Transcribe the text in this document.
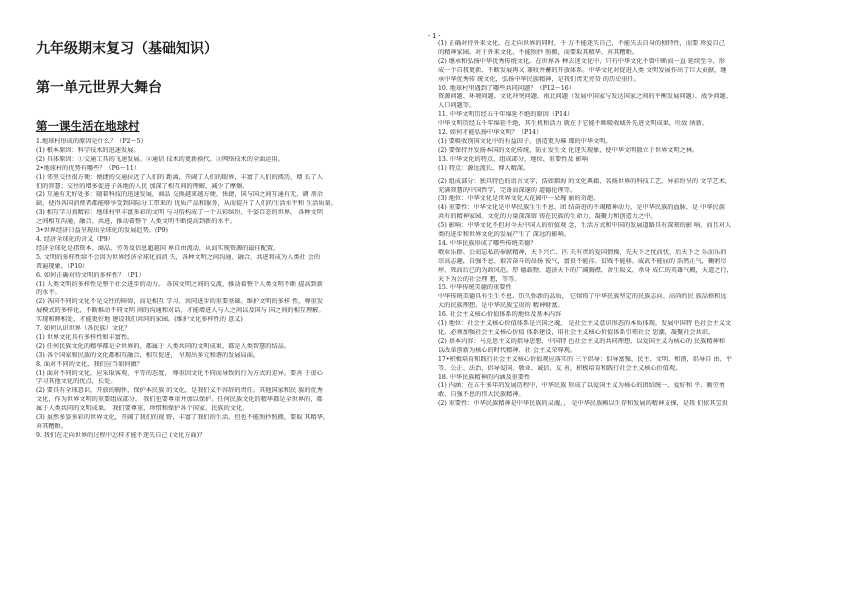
- 1 -
九年级期末复习（基础知识）
第一单元世界大舞台
第一课生活在地球村
1.地球村形成的原因是什么？（P2～5）
(1) 根本原因：科学技术的迅速发展。
(2) 具体原因：①交通工具的飞速发展。②通信 技术的更新换代。③网络技术的全面运用。
2•地球村的优势有哪些？（P6～11）
(1) 邻里交往很方便：便捷的交通拉近了人们的 距离，开阔了人们的眼界，丰富了人们的阅历，增 长了人
们的智慧；交往的增多促进子各地的人民 加深了相互间的理解，减少了摩擦。
(2) 互通有无好处多：随着科技的迅速发展，商品 交换越来越方便、快捷，国与国之间互通有无，调 剂余
缺，使得各国消费者都能够享受到国际分工带来的 优质产品和服务，从而提升了人们的生活水平和 生活质量。
(3) 相互学习真精彩：地球村里丰富多彩的文明 与习俗构成了一个五彩缤纷、千姿百态的世界， 各种文明
之间相互沟通、融合、共进，推动着整个 人类文明不断提高到新的水平。
3•世界经济日益呈现出全球化的发展趋势。(P9)
4. 经济全球化的含义（P9）
经济全球化是指资本、商品、劳务及信息超越国 界自由流动，从而实现资源的最佳配置。
5. 文明的多样性给不会因为世界经济全球化而消 失，各种文明之间沟通、融合，共进将成为人类社 会的
普遍现象。（P10）
6. 如何正确对待文明的多样性？（P1）
(1) 人类文明的多样性是整个社会进步的动力。 各国文明之间的交流，推动着整个人类文明不断 提高到新
的水平。
(2) 各国不同的文化不是交往的障碍，而是相互 学习、共同进步的重要基础。维护文明的多样 性，尊重发
展模式的多样化，不断推动不同文明 间的沟通和对话，才能增进人与人之间以及国与 国之间的相互理解。
实现和睦相处，才能更好地 建设我们共同的家园。(维护文化多样性的 意义)
7. 如何认识世界（各民族）文化？
(1) 世界文化具有多样性和丰富性。
(2) 任何民族文化的精华都是全世界的、都属于 人类共同的文明成果，都是人类智慧的结晶。
(3) 各个国家和民族的文化都相互融合，相互促进， 呈现出多元和谐的发展局面。
8. 面对不同的文化，我们应当如何做？
(1) 面对不同的文化，应采取客观、平等的态度， 尊重因文化不同而导致的行为方式的差异。要善 于虚心
学习其他文化的优点，长处。
(2) 要具有全球意识，开放的胸怀，保护本民族 的文化，是我们义不容辞的责任。其他国家和民 族的优秀
文化，作为世界文明的重要组成部分， 我们也要尊重并加以保护。任何民族文化的精华都是全世界的，都
属于人类共同的文明成果。 我们要尊重、珍惜和保护各个国家、民族的文化。
(3) 虽然多姿多彩的世界文化，开阔了我们的视 野，丰富了我们的生活，但也不能照抄照搬，要取 其精华，
弃其糟粕。
9. 我们在走向世界的过程中怎样才能不迷失自己 (文化方面)？
(1) 正确对待外来文化。在走向世界的同时，千 万不能迷失自己，不能失去自身的独特性，而要 珍爱自己
的精神家园。对于外来文化，不能照抄 照搬，而要取其精华，弃其糟粕。
(2) 继承和弘扬中华优秀传统文化。在世界各 种去迷文化中，只有中华文化不曾中断而一直 延续至今，形
成一个自我更新、不断发展再又 兼收并蓄的开放体系。中华文化对促进人类 文明发展作出了巨大贡献，继
承中华优秀传 统文化，弘扬中华民族精神，是我们责无旁贷 的历史重任。
10. 地球村里遇到了哪些共同问题？（P12～16）
资源问题、环境问题、文化冲突问题、南北问题（发展中国家与发达国家之间的平衡发展问题）、战争问题、
人口问题等。
11. 中华文明历经五千年绵延不绝的原因（P14）
中华文明历经五千年绵延不绝，其生机和活力 就在于它能不断吸收域外先进文明成果，吐故 纳新。
12. 如何才能弘扬中华文明？（P14）
(1) 要吸收别国文化中的有益因子，创造更为璀 璨的中华文明。
(2) 要保持并发扬本国的文化传统，防止发生文 化迷失现象，使中华文明散立于世界文明之林。
13. 中华文化的特点、组成部分、地位、重要性及 影响
(1) 特点：源远流长、博大精深。
(2) 组成部分：独具特色的语言文字，浩如烟海 的文化典籍，名扬世界的科技工艺，异彩纷呈的 文学艺术，
充满智慧的中国哲学，完备而深邃的 道德伦理等。
(3) 地位：中华文化是世界文化大花园中一朵瑰 丽的奇葩。
(4) 重要性：中华文化是中华民族生生不息、团 结奋进的不竭精神动力，是中华民族的血脉，是 中华民族
共有的精神家园。文化的力量深深熔 铸在民族的生命力、凝聚力和创造力之中。
(5) 影响：中华文化不但对今天中国人的价值观 念，生活方式和中国的发展道路具有深刻的影 响，而且对人
类的进步和世界文化的发展产生了 深远的影响。
14. 中华民族形成了哪些传统美德？
敬业乐群、公而忘私的奉献精神，天下兴亡、匹 夫有责的爱国情操，先天下之忧而忧、后天下之 乐而乐的
崇高志趣，自强不息、艰苦奋斗的昂扬 锐气，富贵不能淫、贫贱不能移、威武不能屈的 浩然正气，鞠躬尽
瘁、死而后已的为政风范，厚 德载物、道济天下的广阔胸襟，舍生取义、杀身 成仁的英雄气概，天道之行，
天下为公的社会理 想，等等。
15. 中华传统美德的重要性
中华传统美德具有生生不息、历久弥新的品质， 它熔铸了中华民族坚定的民族志向、高尚的民 族品格和远
大的民族理想，是中华民族宝贵的 精神财富。
16. 社会主义核心价值体系的地位及基本内容
(1) 地位：社会主义核心价值体系是兴国之魂， 是社会主义意识形态的本质体现。发展中国特 色社会主义文
化，必须加强社会主义核心价值 体系建设，用社会主义核心价值体系引领社会 思潮，凝聚社会共识。
(2) 基本内容：马克思主义的指导思想，中国特 色社会主义的共同理想，以爱国主义为核心的 民族精神和
以改革创新为核心的时代精神、社 会主义荣辱观。
17•积极培育和践行社会主义核心价值观应落实的 三个倡导：倡导富强、民主、文明、和谐，倡导自 由、平
等、公正、法治，倡导爱国、敬业、诚信、友 善，积极培育和践行社会主义核心价值观。
18. 中华民族精神的内涵及重要性
(1) 内涵：在五千多年的发展历程中，中华民族 形成了以爱国主义为核心的团结统一、爱好和 平、勤劳勇
敢、自强不息的伟大民族精神。
(2) 重要性：中华民族精神是中华民族的灵魂，， 是中华民族赖以生存和发展的精神支撑，是我 们依其宝贵
